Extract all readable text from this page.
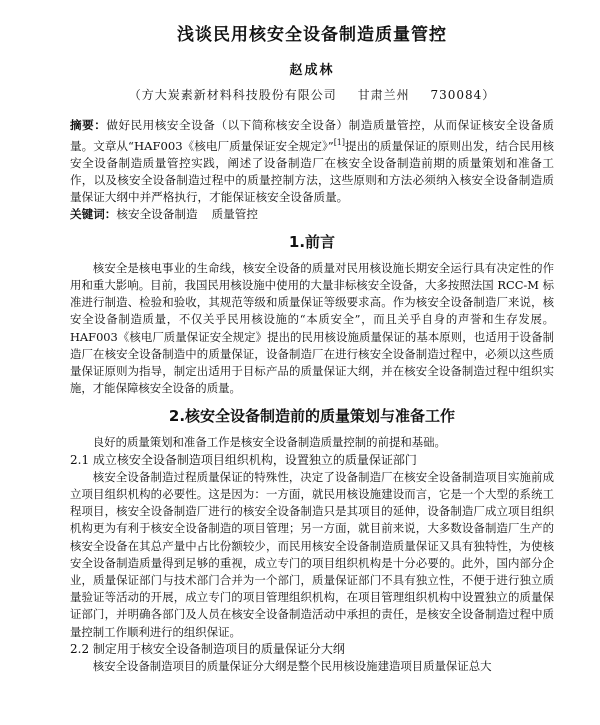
浅谈民用核安全设备制造质量管控
赵成林
（方大炭素新材料科技股份有限公司 甘肃兰州 730084）

摘要：做好民用核安全设备（以下简称核安全设备）制造质量管控，从而保证核安全设备质量。文章从“HAF003《核电厂质量保证安全规定》”[1]提出的质量保证的原则出发，结合民用核安全设备制造质量管控实践，阐述了设备制造厂在核安全设备制造前期的质量策划和准备工作，以及核安全设备制造过程中的质量控制方法，这些原则和方法必须纳入核安全设备制造质量保证大纲中并严格执行，才能保证核安全设备质量。

关键词：核安全设备制造 质量管控
1.前言

核安全是核电事业的生命线，核安全设备的质量对民用核设施长期安全运行具有决定性的作用和重大影响。目前，我国民用核设施中使用的大量非标核安全设备，大多按照法国 RCC-M 标准进行制造、检验和验收，其规范等级和质量保证等级要求高。作为核安全设备制造厂来说，核安全设备制造质量，不仅关乎民用核设施的“本质安全”，而且关乎自身的声誉和生存发展。HAF003《核电厂质量保证安全规定》提出的民用核设施质量保证的基本原则，也适用于设备制造厂在核安全设备制造中的质量保证，设备制造厂在进行核安全设备制造过程中，必须以这些质量保证原则为指导，制定出适用于目标产品的质量保证大纲，并在核安全设备制造过程中组织实施，才能保障核安全设备的质量。

2.核安全设备制造前的质量策划与准备工作

良好的质量策划和准备工作是核安全设备制造质量控制的前提和基础。

2.1 成立核安全设备制造项目组织机构，设置独立的质量保证部门

核安全设备制造过程质量保证的特殊性，决定了设备制造厂在核安全设备制造项目实施前成立项目组织机构的必要性。这是因为：一方面，就民用核设施建设而言，它是一个大型的系统工程项目，核安全设备制造厂进行的核安全设备制造只是其项目的延伸，设备制造厂成立项目组织机构更为有利于核安全设备制造的项目管理；另一方面，就目前来说，大多数设备制造厂生产的核安全设备在其总产量中占比份额较少，而民用核安全设备制造质量保证又具有独特性，为使核安全设备制造质量得到足够的重视，成立专门的项目组织机构是十分必要的。此外，国内部分企业，质量保证部门与技术部门合并为一个部门，质量保证部门不具有独立性，不便于进行独立质量验证等活动的开展，成立专门的项目管理组织机构，在项目管理组织机构中设置独立的质量保证部门，并明确各部门及人员在核安全设备制造活动中承担的责任，是核安全设备制造过程中质量控制工作顺利进行的组织保证。

2.2 制定用于核安全设备制造项目的质量保证分大纲

核安全设备制造项目的质量保证分大纲是整个民用核设施建造项目质量保证总大
